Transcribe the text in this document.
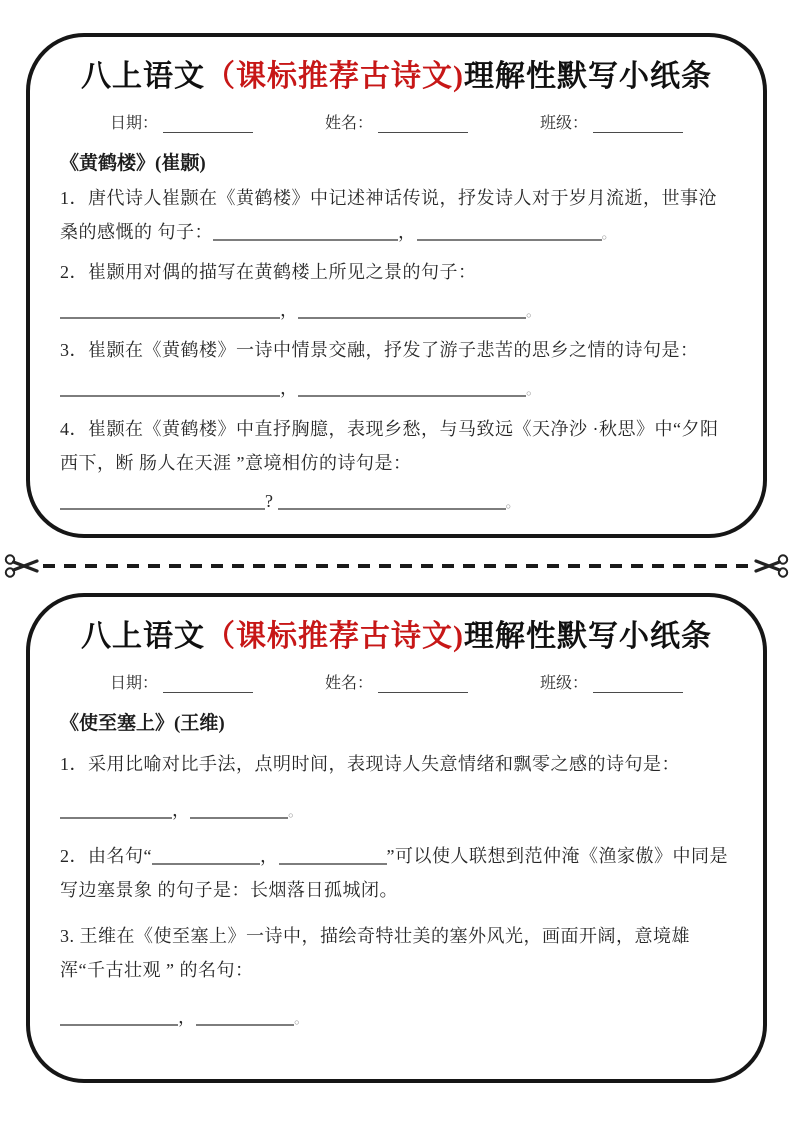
八上语文（课标推荐古诗文)理解性默写小纸条
日期：	姓名：	班级：
《黄鹤楼》(崔颢)

1．唐代诗人崔颢在《黄鹤楼》中记述神话传说，抒发诗人对于岁月流逝，世事沧桑的感慨的 句子：	，	。

2．崔颢用对偶的描写在黄鹤楼上所见之景的句子：

，	。

3．崔颢在《黄鹤楼》一诗中情景交融，抒发了游子悲苦的思乡之情的诗句是：

，	。

4．崔颢在《黄鹤楼》中直抒胸臆，表现乡愁，与马致远《天净沙 ·秋思》中“夕阳西下，断 肠人在天涯 ”意境相仿的诗句是：

?	。
八上语文（课标推荐古诗文)理解性默写小纸条
日期：	姓名：	班级：
《使至塞上》(王维)

1．采用比喻对比手法，点明时间，表现诗人失意情绪和飘零之感的诗句是：

，	。

2．由名句“	，	”可以使人联想到范仲淹《渔家傲》中同是写边塞景象 的句子是：长烟落日孤城闭。

3. 王维在《使至塞上》一诗中，描绘奇特壮美的塞外风光，画面开阔，意境雄浑“千古壮观 ” 的名句：

，	。
